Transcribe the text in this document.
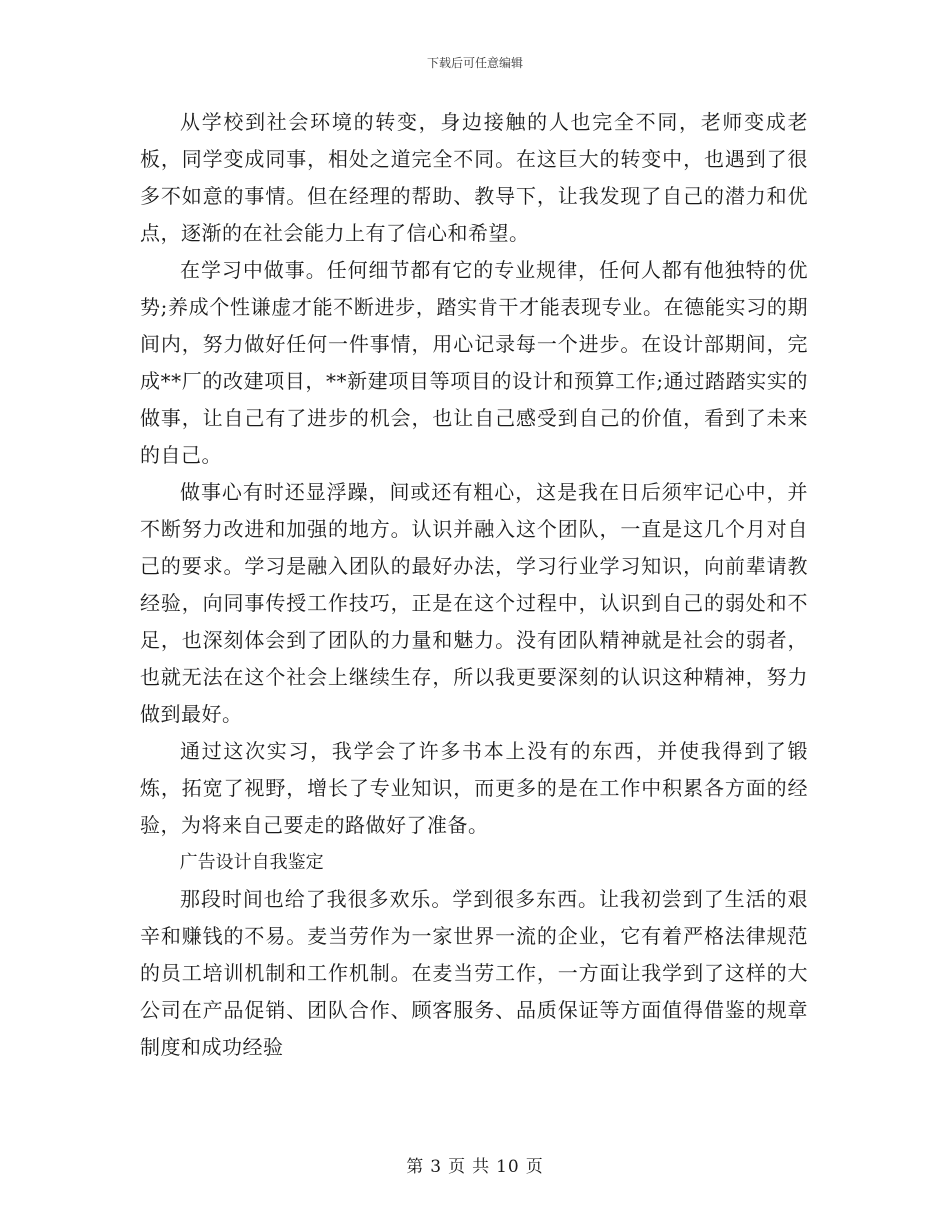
下载后可任意编辑

从学校到社会环境的转变，身边接触的人也完全不同，老师变成老板，同学变成同事，相处之道完全不同。在这巨大的转变中，也遇到了很多不如意的事情。但在经理的帮助、教导下，让我发现了自己的潜力和优点，逐渐的在社会能力上有了信心和希望。

在学习中做事。任何细节都有它的专业规律，任何人都有他独特的优势;养成个性谦虚才能不断进步，踏实肯干才能表现专业。在德能实习的期间内，努力做好任何一件事情，用心记录每一个进步。在设计部期间，完成**厂的改建项目，**新建项目等项目的设计和预算工作;通过踏踏实实的做事，让自己有了进步的机会，也让自己感受到自己的价值，看到了未来的自己。

做事心有时还显浮躁，间或还有粗心，这是我在日后须牢记心中，并不断努力改进和加强的地方。认识并融入这个团队，一直是这几个月对自己的要求。学习是融入团队的最好办法，学习行业学习知识，向前辈请教经验，向同事传授工作技巧，正是在这个过程中，认识到自己的弱处和不足，也深刻体会到了团队的力量和魅力。没有团队精神就是社会的弱者，也就无法在这个社会上继续生存，所以我更要深刻的认识这种精神，努力做到最好。

通过这次实习，我学会了许多书本上没有的东西，并使我得到了锻炼，拓宽了视野，增长了专业知识，而更多的是在工作中积累各方面的经验，为将来自己要走的路做好了准备。

广告设计自我鉴定

那段时间也给了我很多欢乐。学到很多东西。让我初尝到了生活的艰辛和赚钱的不易。麦当劳作为一家世界一流的企业，它有着严格法律规范的员工培训机制和工作机制。在麦当劳工作，一方面让我学到了这样的大公司在产品促销、团队合作、顾客服务、品质保证等方面值得借鉴的规章制度和成功经验

第 3 页 共 10 页
